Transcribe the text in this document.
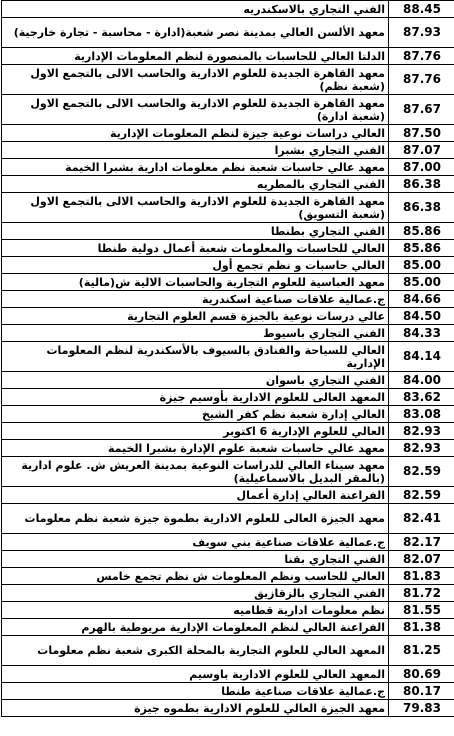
الفني التجاري بالاسكندريه	88.45
معهد الألسن العالي بمدينة نصر شعبة(ادارة - محاسبة - تجارة خارجية)	87.93
الدلتا العالي للحاسبات بالمنصورة لنظم المعلومات الإدارية	87.76
معهد القاهرة الجديدة للعلوم الادارية والحاسب الالى بالتجمع الاول (شعبة نظم)	87.76
معهد القاهرة الجديدة للعلوم الادارية والحاسب الالى بالتجمع الاول (شعبة ادارة)	87.67
العالي دراسات نوعية جيزة لنظم المعلومات الإدارية	87.50
الفني التجاري بشبرا	87.07
معهد عالي حاسبات شعبة نظم معلومات ادارية بشبرا الخيمة	87.00
الفني التجاري بالمطريه	86.38
معهد القاهرة الجديدة للعلوم الادارية والحاسب الالى بالتجمع الاول (شعبة التسويق)	86.38
الفني التجاري بطنطا	85.86
العالي للحاسبات والمعلومات شعبة أعمال دولية طنطا	85.86
العالي حاسبات و نظم تجمع أول	85.00
معهد العباسية للعلوم التجارية والحاسبات الالية ش(مالية)	85.00
ج.عمالية علاقات صناعية اسكندرية	84.66
عالي درسات نوعية بالجيزة قسم العلوم التجارية	84.50
الفني التجاري باسيوط	84.33
العالي للسياحة والفنادق بالسيوف بالأسكندرية لنظم المعلومات الإدارية	84.14
الفني التجاري باسوان	84.00
المعهد العالى للعلوم الادارية بأوسيم جيزة	83.62
العالي إدارة شعبة نظم كفر الشيخ	83.08
العالي للعلوم الإدارية 6 اكتوبر	82.93
معهد عالي حاسبات شعبة علوم الإدارة بشبرا الخيمة	82.93
معهد سيناء العالي للدراسات النوعية بمدينة العريش ش. علوم ادارية (بالمقر البديل بالاسماعيلية)	82.59
الفراعنة العالي إدارة أعمال	82.59
معهد الجيزة العالى للعلوم الادارية بطموة جيزة شعبة نظم معلومات	82.41
ج.عمالية علاقات صناعية بني سويف	82.17
الفني التجاري بقنا	82.07
العالي للحاسب ونظم المعلومات ش نظم تجمع خامس	81.83
الفني التجاري بالزقازيق	81.72
نظم معلومات ادارية قطاميه	81.55
الفراعنة العالي لنظم المعلومات الإدارية مريوطية بالهرم	81.38
المعهد العالي للعلوم التجارية بالمحلة الكبرى شعبة نظم معلومات	81.25
المعهد العالي للعلوم الادارية باوسيم	80.69
ج.عمالية علاقات صناعية طنطا	80.17
معهد الجيزة العالي للعلوم الادارية بطموه جيزة	79.83
